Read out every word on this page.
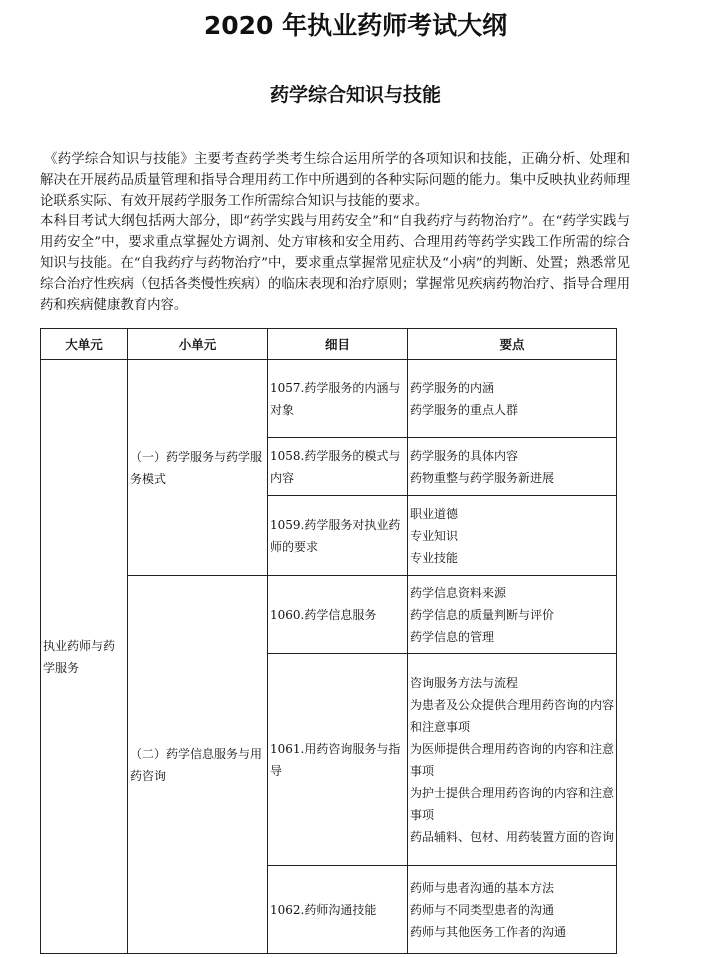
2020 年执业药师考试大纲
药学综合知识与技能

《药学综合知识与技能》主要考查药学类考生综合运用所学的各项知识和技能，正确分析、处理和解决在开展药品质量管理和指导合理用药工作中所遇到的各种实际问题的能力。集中反映执业药师理论联系实际、有效开展药学服务工作所需综合知识与技能的要求。

本科目考试大纲包括两大部分，即“药学实践与用药安全”和“自我药疗与药物治疗”。在“药学实践与用药安全”中，要求重点掌握处方调剂、处方审核和安全用药、合理用药等药学实践工作所需的综合知识与技能。在“自我药疗与药物治疗”中，要求重点掌握常见症状及“小病”的判断、处置；熟悉常见综合治疗性疾病（包括各类慢性疾病）的临床表现和治疗原则；掌握常见疾病药物治疗、指导合理用药和疾病健康教育内容。

大单元	小单元	细目	要点
执业药师与药学服务	（一）药学服务与药学服务模式	1057.药学服务的内涵与对象	药学服务的内涵
药学服务的重点人群

		1058.药学服务的模式与内容	药学服务的具体内容
药物重整与药学服务新进展

		1059.药学服务对执业药师的要求	职业道德
专业知识
专业技能

	（二）药学信息服务与用药咨询	1060.药学信息服务	药学信息资料来源
药学信息的质量判断与评价
药学信息的管理

		1061.用药咨询服务与指导	咨询服务方法与流程
为患者及公众提供合理用药咨询的内容和注意事项
为医师提供合理用药咨询的内容和注意事项
为护士提供合理用药咨询的内容和注意事项
药品辅料、包材、用药装置方面的咨询

		1062.药师沟通技能	药师与患者沟通的基本方法
药师与不同类型患者的沟通
药师与其他医务工作者的沟通
